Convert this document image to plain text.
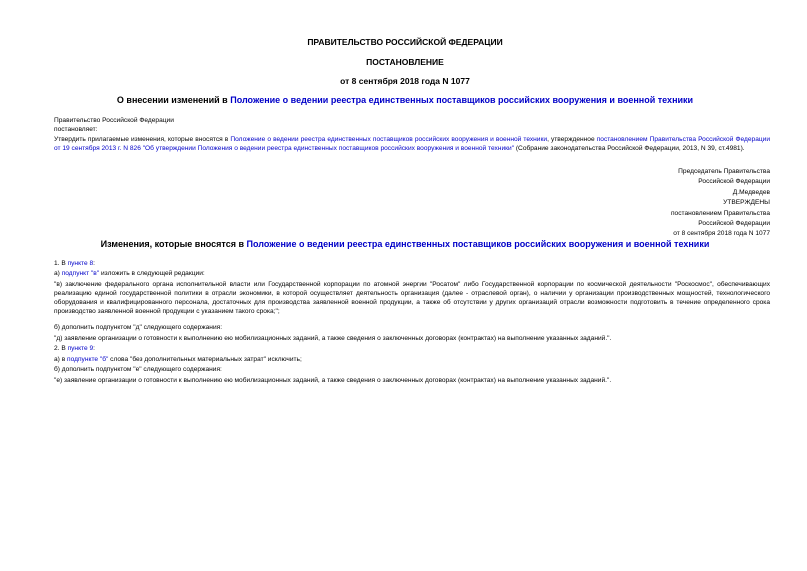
ПРАВИТЕЛЬСТВО РОССИЙСКОЙ ФЕДЕРАЦИИ
ПОСТАНОВЛЕНИЕ
от 8 сентября 2018 года N 1077
О внесении изменений в Положение о ведении реестра единственных поставщиков российских вооружения и военной техники
Правительство Российской Федерации
постановляет:
Утвердить прилагаемые изменения, которые вносятся в Положение о ведении реестра единственных поставщиков российских вооружения и военной техники, утвержденное постановлением Правительства Российской Федерации от 19 сентября 2013 г. N 826 "Об утверждении Положения о ведении реестра единственных поставщиков российских вооружения и военной техники" (Собрание законодательства Российской Федерации, 2013, N 39, ст.4981).
Председатель Правительства
Российской Федерации
Д.Медведев
УТВЕРЖДЕНЫ
постановлением Правительства
Российской Федерации
от 8 сентября 2018 года N 1077
Изменения, которые вносятся в Положение о ведении реестра единственных поставщиков российских вооружения и военной техники
1. В пункте 8:
а) подпункт "в" изложить в следующей редакции:
"в) заключение федерального органа исполнительной власти или Государственной корпорации по атомной энергии "Росатом" либо Государственной корпорации по космической деятельности "Роскосмос", обеспечивающих реализацию единой государственной политики в отрасли экономики, в которой осуществляет деятельность организация (далее - отраслевой орган), о наличии у организации производственных мощностей, технологического оборудования и квалифицированного персонала, достаточных для производства заявленной военной продукции, а также об отсутствии у других организаций отрасли возможности подготовить в течение определенного срока производство заявленной военной продукции с указанием такого срока;";
б) дополнить подпунктом "д" следующего содержания:
"д) заявление организации о готовности к выполнению ею мобилизационных заданий, а также сведения о заключенных договорах (контрактах) на выполнение указанных заданий.".
2. В пункте 9:
а) в подпункте "б" слова "без дополнительных материальных затрат" исключить;
б) дополнить подпунктом "е" следующего содержания:
"е) заявление организации о готовности к выполнению ею мобилизационных заданий, а также сведения о заключенных договорах (контрактах) на выполнение указанных заданий.".
